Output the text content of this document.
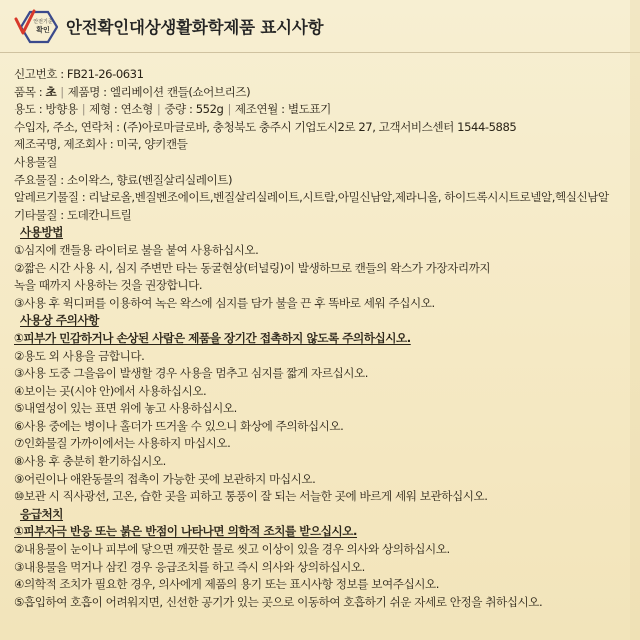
안전기준
확인 안전확인대상생활화학제품 표시사항
신고번호 : FB21-26-0631
품목 : 초 | 제품명 : 엘리베이션 캔들(쇼어브리즈)
용도 : 방향용 | 제형 : 연소형 | 중량 : 552g | 제조연월 : 별도표기
수입자, 주소, 연락처 : (주)아로마글로바, 충청북도 충주시 기업도시2로 27, 고객서비스센터 1544-5885
제조국명, 제조회사 : 미국, 양키캔들
사용물질
주요물질 : 소이왁스, 향료(벤질살리실레이트)
알레르기물질 : 리날로올,벤질벤조에이트,벤질살리실레이트,시트랄,아밀신남알,제라니올, 하이드록시시트로넬알,헥실신남알
기타물질 : 도데칸니트릴
사용방법
①심지에 캔들용 라이터로 불을 붙여 사용하십시오.
②짧은 시간 사용 시, 심지 주변만 타는 동굴현상(터널링)이 발생하므로 캔들의 왁스가 가장자리까지
녹을 때까지 사용하는 것을 권장합니다.
③사용 후 윅디퍼를 이용하여 녹은 왁스에 심지를 담가 불을 끈 후 똑바로 세워 주십시오.
사용상 주의사항
①피부가 민감하거나 손상된 사람은 제품을 장기간 접촉하지 않도록 주의하십시오.
②용도 외 사용을 금합니다.
③사용 도중 그을음이 발생할 경우 사용을 멈추고 심지를 짧게 자르십시오.
④보이는 곳(시야 안)에서 사용하십시오.
⑤내열성이 있는 표면 위에 놓고 사용하십시오.
⑥사용 중에는 병이나 홀더가 뜨거울 수 있으니 화상에 주의하십시오.
⑦인화물질 가까이에서는 사용하지 마십시오.
⑧사용 후 충분히 환기하십시오.
⑨어린이나 애완동물의 접촉이 가능한 곳에 보관하지 마십시오.
⑩보관 시 직사광선, 고온, 습한 곳을 피하고 통풍이 잘 되는 서늘한 곳에 바르게 세워 보관하십시오.
응급처치
①피부자극 반응 또는 붉은 반점이 나타나면 의학적 조치를 받으십시오.
②내용물이 눈이나 피부에 닿으면 깨끗한 물로 씻고 이상이 있을 경우 의사와 상의하십시오.
③내용물을 먹거나 삼킨 경우 응급조치를 하고 즉시 의사와 상의하십시오.
④의학적 조치가 필요한 경우, 의사에게 제품의 용기 또는 표시사항 정보를 보여주십시오.
⑤흡입하여 호흡이 어려워지면, 신선한 공기가 있는 곳으로 이동하여 호흡하기 쉬운 자세로 안정을 취하십시오.
